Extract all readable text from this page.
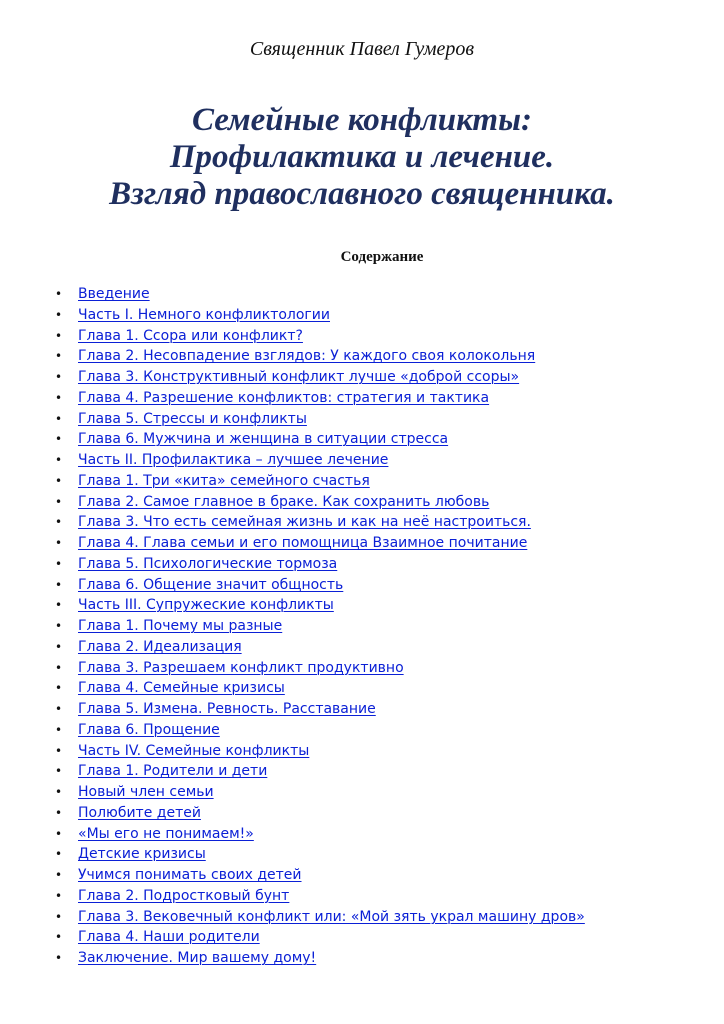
Священник Павел Гумеров
Семейные конфликты:
Профилактика и лечение.
Взгляд православного священника.
Содержание
•	Введение
•	Часть I. Немного конфликтологии
•	Глава 1. Ссора или конфликт?
•	Глава 2. Несовпадение взглядов: У каждого своя колокольня
•	Глава 3. Конструктивный конфликт лучше «доброй ссоры»
•	Глава 4. Разрешение конфликтов: стратегия и тактика
•	Глава 5. Стрессы и конфликты
•	Глава 6. Мужчина и женщина в ситуации стресса
•	Часть II. Профилактика – лучшее лечение
•	Глава 1. Три «кита» семейного счастья
•	Глава 2. Самое главное в браке. Как сохранить любовь
•	Глава 3. Что есть семейная жизнь и как на неё настроиться.
•	Глава 4. Глава семьи и его помощница Взаимное почитание
•	Глава 5. Психологические тормоза
•	Глава 6. Общение значит общность
•	Часть III. Супружеские конфликты
•	Глава 1. Почему мы разные
•	Глава 2. Идеализация
•	Глава 3. Разрешаем конфликт продуктивно
•	Глава 4. Семейные кризисы
•	Глава 5. Измена. Ревность. Расставание
•	Глава 6. Прощение
•	Часть IV. Семейные конфликты
•	Глава 1. Родители и дети
•	Новый член семьи
•	Полюбите детей
•	«Мы его не понимаем!»
•	Детские кризисы
•	Учимся понимать своих детей
•	Глава 2. Подростковый бунт
•	Глава 3. Вековечный конфликт или: «Мой зять украл машину дров»
•	Глава 4. Наши родители
•	Заключение. Мир вашему дому!
